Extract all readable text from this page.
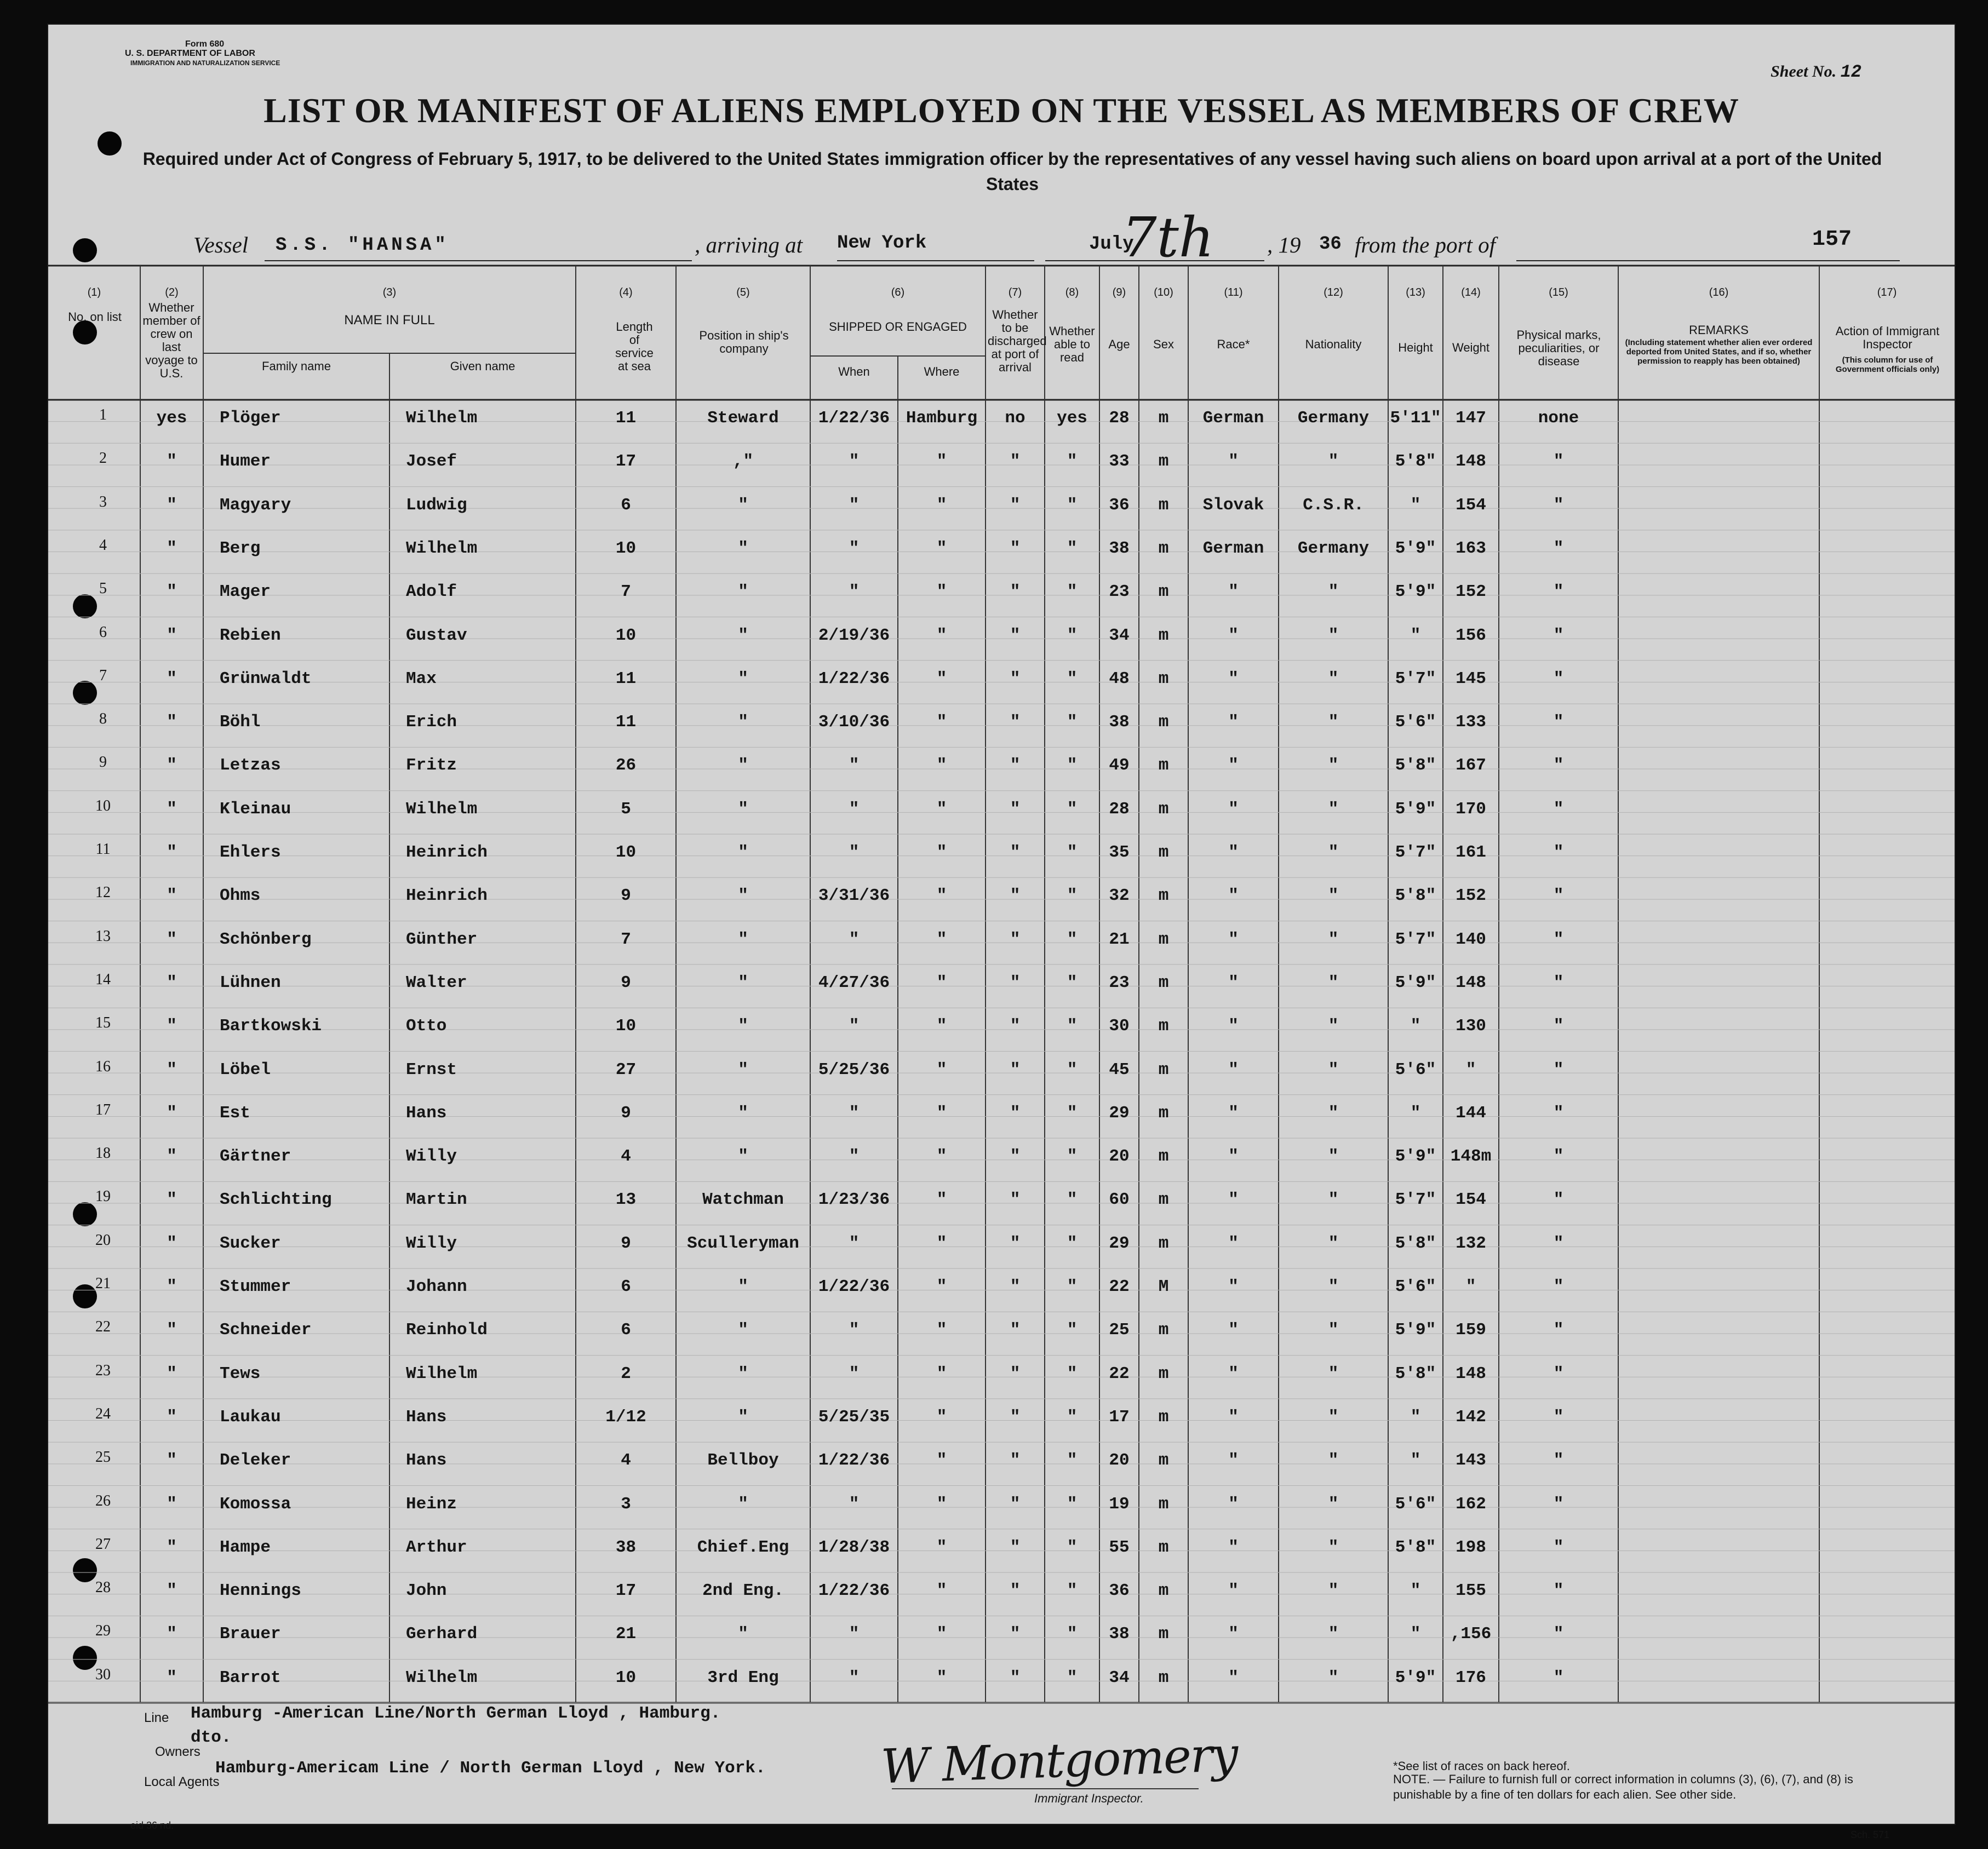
Form 680
U. S. DEPARTMENT OF LABOR
IMMIGRATION AND NATURALIZATION SERVICE	Sheet No. 12
LIST OR MANIFEST OF ALIENS EMPLOYED ON THE VESSEL AS MEMBERS OF CREW
Required under Act of Congress of February 5, 1917, to be delivered to the United States immigration officer by the representatives of any vessel having such aliens on board upon arrival at a port of the United States
Vessel S.S. "HANSA"	, arriving at New York	July
7th , 19 36 from the port of	157
(1)	(2)	(3)	(4)	(5)	(6)	(7)	(8)	(9)	(10)	(11)	(12)	(13)	(14)	(15)	(16)	(17)
No. on list
Whether member of crew on last voyage to U.S.
NAME IN FULL
Family name	Given name
Length of service at sea
Position in ship's company
SHIPPED OR ENGAGED
When	Where
Whether to be discharged at port of arrival
Whether able to read
Age	Sex	Race*	Nationality	Height	Weight
Physical marks, peculiarities, or disease
REMARKS
(Including statement whether alien ever ordered deported from United States, and if so, whether permission to reapply has been obtained)
Action of Immigrant Inspector
(This column for use of Government officials only)
1	yes	Plöger	Wilhelm	11	Steward	1/22/36 Hamburg	no	yes	28	m	German	Germany	5'11" 147	none
2	"	Humer	Josef	17	,"	"	"	"	"	33	m	"	"	5'8"	148	"
3	"	Magyary	Ludwig	6	"	"	"	"	"	36	m	Slovak	C.S.R.	"	154	"
4	"	Berg	Wilhelm	10	"	"	"	"	"	38	m	German	Germany	5'9"	163	"
5	"	Mager	Adolf	7	"	"	"	"	"	23	m	"	"	5'9"	152	"
6	"	Rebien	Gustav	10	"	2/19/36	"	"	"	34	m	"	"	"	156	"
7	"	Grünwaldt	Max	11	"	1/22/36	"	"	"	48	m	"	"	5'7"	145	"
8	"	Böhl	Erich	11	"	3/10/36	"	"	"	38	m	"	"	5'6"	133	"
9	"	Letzas	Fritz	26	"	"	"	"	"	49	m	"	"	5'8"	167	"
10	"	Kleinau	Wilhelm	5	"	"	"	"	"	28	m	"	"	5'9"	170	"
11	"	Ehlers	Heinrich	10	"	"	"	"	"	35	m	"	"	5'7"	161	"
12	"	Ohms	Heinrich	9	"	3/31/36	"	"	"	32	m	"	"	5'8"	152	"
13	"	Schönberg	Günther	7	"	"	"	"	"	21	m	"	"	5'7"	140	"
14	"	Lühnen	Walter	9	"	4/27/36	"	"	"	23	m	"	"	5'9"	148	"
15	"	Bartkowski	Otto	10	"	"	"	"	"	30	m	"	"	"	130	"
16	"	Löbel	Ernst	27	"	5/25/36	"	"	"	45	m	"	"	5'6"	"	"
17	"	Est	Hans	9	"	"	"	"	"	29	m	"	"	"	144	"
18	"	Gärtner	Willy	4	"	"	"	"	"	20	m	"	"	5'9" 148m	"
19	"	Schlichting	Martin	13	Watchman	1/23/36	"	"	"	60	m	"	"	5'7"	154	"
20	"	Sucker	Willy	9	Sculleryman	"	"	"	"	29	m	"	"	5'8"	132	"
21	"	Stummer	Johann	6	"	1/22/36	"	"	"	22	M	"	"	5'6"	"	"
22	"	Schneider	Reinhold	6	"	"	"	"	"	25	m	"	"	5'9"	159	"
23	"	Tews	Wilhelm	2	"	"	"	"	"	22	m	"	"	5'8"	148	"
24	"	Laukau	Hans	1/12	"	5/25/35	"	"	"	17	m	"	"	"	142	"
25	"	Deleker	Hans	4	Bellboy	1/22/36	"	"	"	20	m	"	"	"	143	"
26	"	Komossa	Heinz	3	"	"	"	"	"	19	m	"	"	5'6"	162	"
27	"	Hampe	Arthur	38	Chief.Eng	1/28/38	"	"	"	55	m	"	"	5'8"	198	"
28	"	Hennings	John	17	2nd Eng.	1/22/36	"	"	"	36	m	"	"	"	155	"
29	"	Brauer	Gerhard	21	"	"	"	"	"	38	m	"	"	"	,156	"
30	"	Barrot	Wilhelm	10	3rd Eng	"	"	"	"	34	m	"	"	5'9"	176	"
Line Hamburg -American Line/North German Lloyd , Hamburg.
dto.
Owners
Hamburg-Americam Line / North German Lloyd , New York.
Local Agents	W Montgomery
Immigrant Inspector.
*See list of races on back hereof.
NOTE. — Failure to furnish full or correct information in columns (3), (6), (7), and (8) is punishable by a fine of ten dollars for each alien. See other side.
eid 36 nd.
Sch. 571
